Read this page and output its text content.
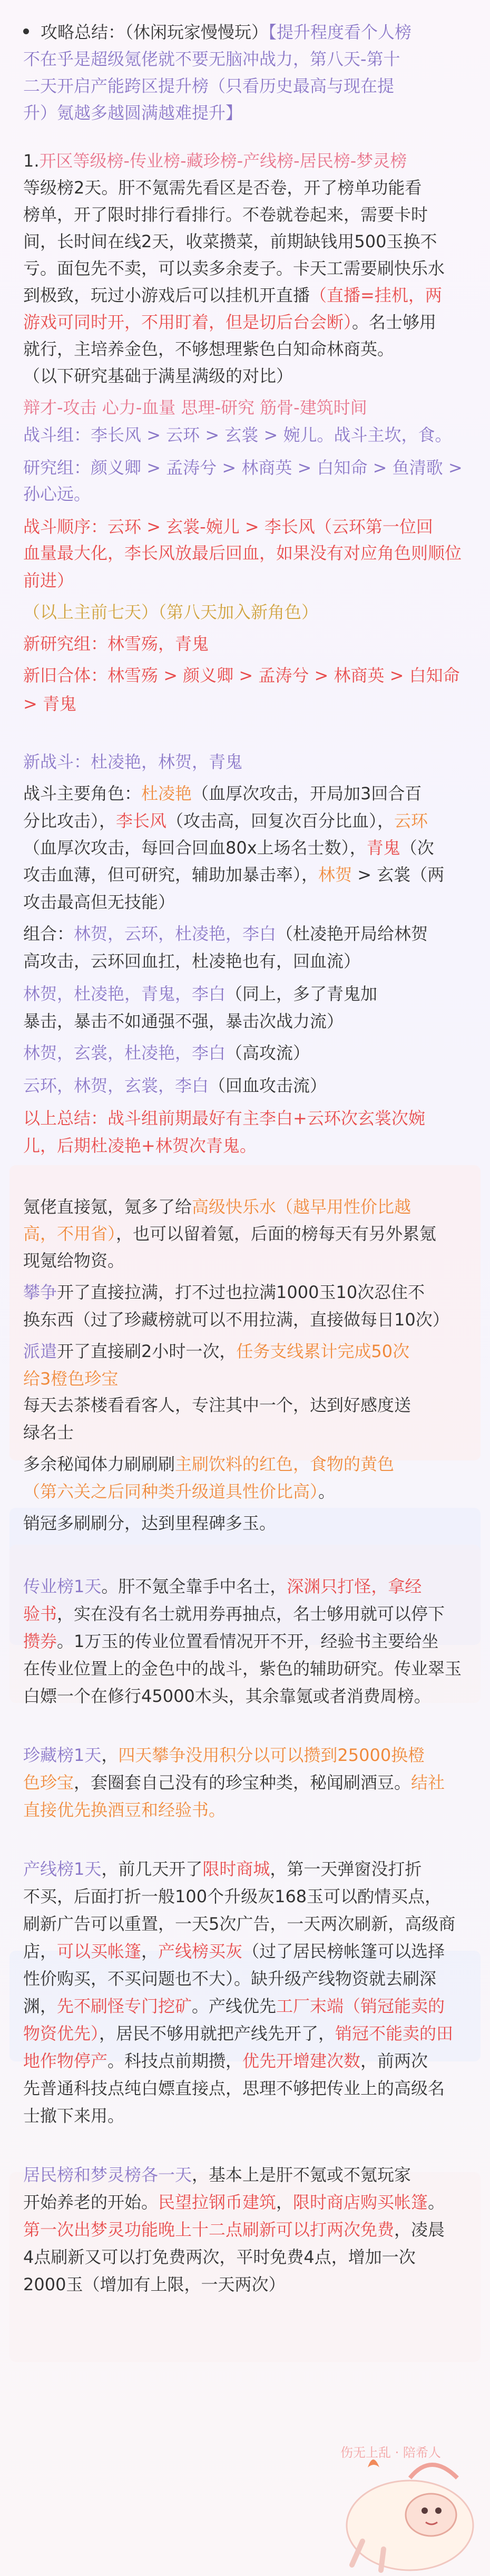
攻略总结：（休闲玩家慢慢玩）【提升程度看个人榜

不在乎是超级氪佬就不要无脑冲战力，第八天-第十

二天开启产能跨区提升榜（只看历史最高与现在提

升）氪越多越圆满越难提升】

1.开区等级榜-传业榜-藏珍榜-产线榜-居民榜-梦灵榜

等级榜2天。肝不氪需先看区是否卷，开了榜单功能看

榜单，开了限时排行看排行。不卷就卷起来，需要卡时

间，长时间在线2天，收菜攒菜，前期缺钱用500玉换不

亏。面包先不卖，可以卖多余麦子。卡天工需要刷快乐水

到极致，玩过小游戏后可以挂机开直播（直播=挂机，两

游戏可同时开，不用盯着，但是切后台会断）。名士够用

就行，主培养金色，不够想理紫色白知命林商英。

（以下研究基础于满星满级的对比）

辩才-攻击 心力-血量 思理-研究 筋骨-建筑时间

战斗组：李长风 > 云环 > 玄裳 > 婉儿。战斗主坎，食。

研究组：颜义卿 > 孟涛兮 > 林商英 > 白知命 > 鱼清歌 >

孙心远。

战斗顺序：云环 > 玄裳-婉儿 > 李长风（云环第一位回

血量最大化，李长风放最后回血，如果没有对应角色则顺位

前进）

（以上主前七天）（第八天加入新角色）

新研究组：林雪殇，青鬼

新旧合体：林雪殇 > 颜义卿 > 孟涛兮 > 林商英 > 白知命

> 青鬼

新战斗：杜凌艳，林贺，青鬼

战斗主要角色：杜凌艳（血厚次攻击，开局加3回合百

分比攻击），李长风（攻击高，回复次百分比血），云环

（血厚次攻击，每回合回血80x上场名士数），青鬼（次

攻击血薄，但可研究，辅助加暴击率），林贺 > 玄裳（两

攻击最高但无技能）

组合：林贺，云环，杜凌艳，李白（杜凌艳开局给林贺

高攻击，云环回血扛，杜凌艳也有，回血流）

林贺，杜凌艳，青鬼，李白（同上，多了青鬼加

暴击，暴击不如通强不强，暴击次战力流）

林贺，玄裳，杜凌艳，李白（高攻流）

云环，林贺，玄裳，李白（回血攻击流）

以上总结：战斗组前期最好有主李白+云环次玄裳次婉

儿，后期杜凌艳+林贺次青鬼。

氪佬直接氪，氪多了给高级快乐水（越早用性价比越

高，不用省），也可以留着氪，后面的榜每天有另外累氪

现氪给物资。

攀争开了直接拉满，打不过也拉满1000玉10次忍住不

换东西（过了珍藏榜就可以不用拉满，直接做每日10次）

派遣开了直接刷2小时一次，任务支线累计完成50次

给3橙色珍宝

每天去茶楼看看客人，专注其中一个，达到好感度送

绿名士

多余秘闻体力刷刷刷主刷饮料的红色，食物的黄色

（第六关之后同种类升级道具性价比高）。

销冠多刷刷分，达到里程碑多玉。

传业榜1天。肝不氪全靠手中名士，深渊只打怪，拿经

验书，实在没有名士就用券再抽点，名士够用就可以停下

攒券。1万玉的传业位置看情况开不开，经验书主要给坐

在传业位置上的金色中的战斗，紫色的辅助研究。传业翠玉

白嫖一个在修行45000木头，其余靠氪或者消费周榜。

珍藏榜1天，四天攀争没用积分以可以攒到25000换橙

色珍宝，套圈套自己没有的珍宝种类，秘闻刷酒豆。结社

直接优先换酒豆和经验书。

产线榜1天，前几天开了限时商城，第一天弹窗没打折

不买，后面打折一般100个升级灰168玉可以酌情买点，

刷新广告可以重置，一天5次广告，一天两次刷新，高级商

店，可以买帐篷，产线榜买灰（过了居民榜帐篷可以选择

性价购买，不买问题也不大）。缺升级产线物资就去刷深

渊，先不刷怪专门挖矿。产线优先工厂末端（销冠能卖的

物资优先），居民不够用就把产线先开了，销冠不能卖的田

地作物停产。科技点前期攒，优先开增建次数，前两次

先普通科技点纯白嫖直接点，思理不够把传业上的高级名

士撤下来用。

居民榜和梦灵榜各一天，基本上是肝不氪或不氪玩家

开始养老的开始。民望拉钢币建筑，限时商店购买帐篷。

第一次出梦灵功能晚上十二点刷新可以打两次免费，凌晨

4点刷新又可以打免费两次，平时免费4点，增加一次

2000玉（增加有上限，一天两次）

伤无上乱 · 陪希人
